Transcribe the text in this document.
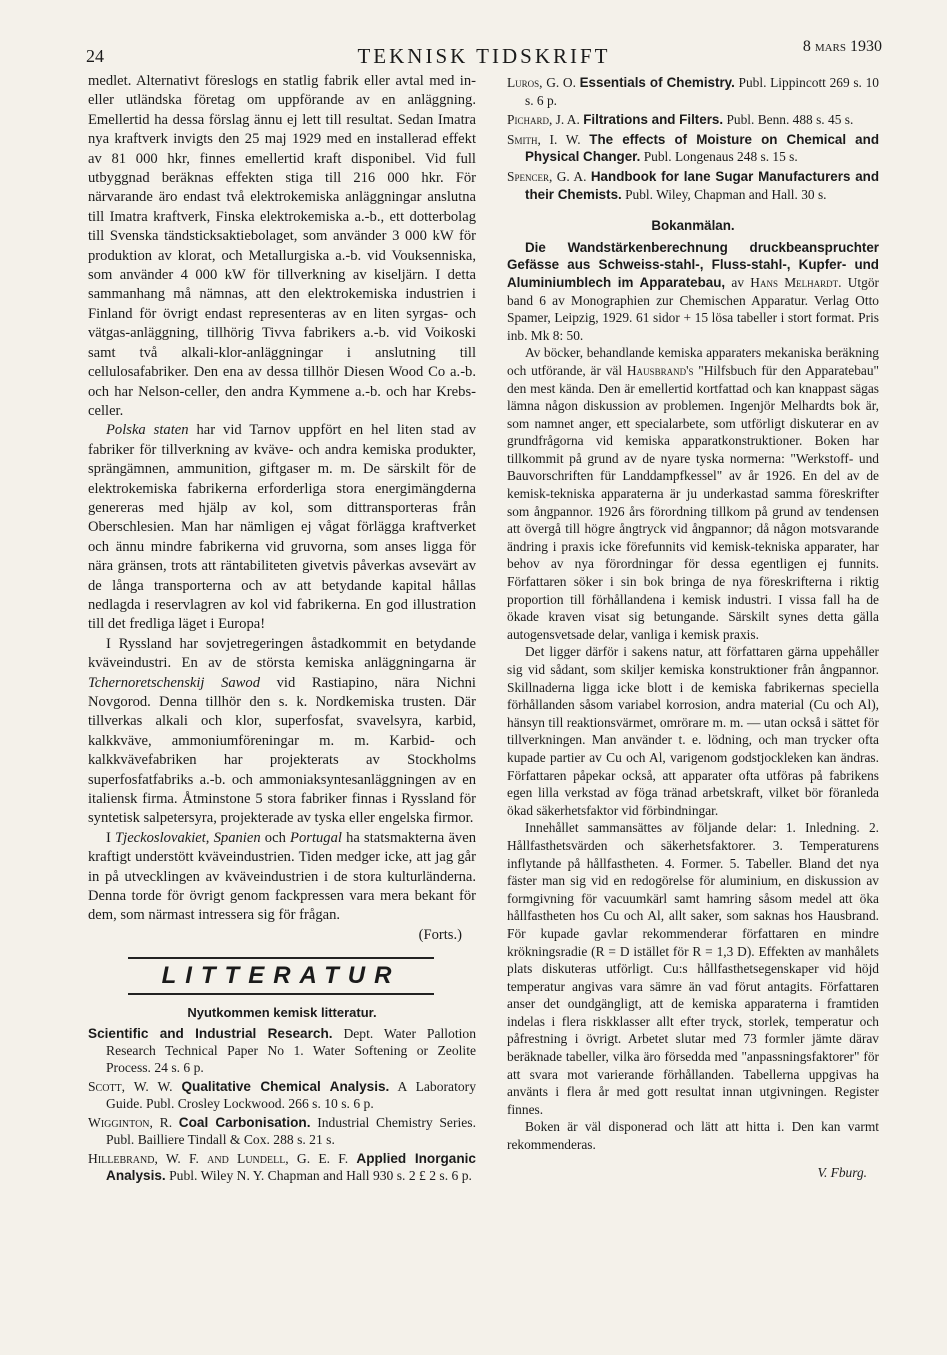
24	TEKNISK TIDSKRIFT	8 mars 1930

medlet. Alternativt föreslogs en statlig fabrik eller avtal med in- eller utländska företag om uppförande av en anläggning. Emellertid ha dessa förslag ännu ej lett till resultat. Sedan Imatra nya kraftverk invigts den 25 maj 1929 med en installerad effekt av 81 000 hkr, finnes emellertid kraft disponibel. Vid full utbyggnad beräknas effekten stiga till 216 000 hkr. För närvarande äro endast två elektrokemiska anläggningar anslutna till Imatra kraftverk, Finska elektrokemiska a.-b., ett dotterbolag till Svenska tändsticksaktiebolaget, som använder 3 000 kW för produktion av klorat, och Metallurgiska a.-b. vid Vouksenniska, som använder 4 000 kW för tillverkning av kiseljärn. I detta sammanhang må nämnas, att den elektrokemiska industrien i Finland för övrigt endast representeras av en liten syrgas- och vätgas-anläggning, tillhörig Tivva fabrikers a.-b. vid Voikoski samt två alkali-klor-anläggningar i anslutning till cellulosafabriker. Den ena av dessa tillhör Diesen Wood Co a.-b. och har Nelson-celler, den andra Kymmene a.-b. och har Krebs-celler.

Polska staten har vid Tarnov uppfört en hel liten stad av fabriker för tillverkning av kväve- och andra kemiska produkter, sprängämnen, ammunition, giftgaser m. m. De särskilt för de elektrokemiska fabrikerna erforderliga stora energimängderna genereras med hjälp av kol, som dittransporteras från Oberschlesien. Man har nämligen ej vågat förlägga kraftverket och ännu mindre fabrikerna vid gruvorna, som anses ligga för nära gränsen, trots att räntabiliteten givetvis påverkas avsevärt av de långa transporterna och av att betydande kapital hållas nedlagda i reservlagren av kol vid fabrikerna. En god illustration till det fredliga läget i Europa!

I Ryssland har sovjetregeringen åstadkommit en betydande kväveindustri. En av de största kemiska anläggningarna är Tchernoretschenskij Sawod vid Rastiapino, nära Nichni Novgorod. Denna tillhör den s. k. Nordkemiska trusten. Där tillverkas alkali och klor, superfosfat, svavelsyra, karbid, kalkkväve, ammoniumföreningar m. m. Karbid- och kalkkvävefabriken har projekterats av Stockholms superfosfatfabriks a.-b. och ammoniaksyntesanläggningen av en italiensk firma. Åtminstone 5 stora fabriker finnas i Ryssland för syntetisk salpetersyra, projekterade av tyska eller engelska firmor.

I Tjeckoslovakiet, Spanien och Portugal ha statsmakterna även kraftigt understött kväveindustrien. Tiden medger icke, att jag går in på utvecklingen av kväveindustrien i de stora kulturländerna. Denna torde för övrigt genom fackpressen vara mera bekant för dem, som närmast intressera sig för frågan.

(Forts.)

LITTERATUR
Nyutkommen kemisk litteratur.

Scientific and Industrial Research. Dept. Water Pallotion Research Technical Paper No 1. Water Softening or Zeolite Process. 24 s. 6 p.

Scott, W. W. Qualitative Chemical Analysis. A Laboratory Guide. Publ. Crosley Lockwood. 266 s. 10 s. 6 p.

Wigginton, R. Coal Carbonisation. Industrial Chemistry Series. Publ. Bailliere Tindall & Cox. 288 s. 21 s.

Hillebrand, W. F. and Lundell, G. E. F. Applied Inorganic Analysis. Publ. Wiley N. Y. Chapman and Hall 930 s. 2 £ 2 s. 6 p.

Luros, G. O. Essentials of Chemistry. Publ. Lippincott 269 s. 10 s. 6 p.

Pichard, J. A. Filtrations and Filters. Publ. Benn. 488 s. 45 s.

Smith, I. W. The effects of Moisture on Chemical and Physical Changer. Publ. Longenaus 248 s. 15 s.

Spencer, G. A. Handbook for lane Sugar Manufacturers and their Chemists. Publ. Wiley, Chapman and Hall. 30 s.

Bokanmälan.

Die Wandstärkenberechnung druckbeanspruchter Gefässe aus Schweiss-stahl-, Fluss-stahl-, Kupfer- und Aluminiumblech im Apparatebau, av Hans Melhardt. Utgör band 6 av Monographien zur Chemischen Apparatur. Verlag Otto Spamer, Leipzig, 1929. 61 sidor + 15 lösa tabeller i stort format. Pris inb. Mk 8: 50.

Av böcker, behandlande kemiska apparaters mekaniska beräkning och utförande, är väl Hausbrand's "Hilfsbuch für den Apparatebau" den mest kända. Den är emellertid kortfattad och kan knappast sägas lämna någon diskussion av problemen. Ingenjör Melhardts bok är, som namnet anger, ett specialarbete, som utförligt diskuterar en av grundfrågorna vid kemiska apparatkonstruktioner. Boken har tillkommit på grund av de nyare tyska normerna: "Werkstoff- und Bauvorschriften für Landdampfkessel" av år 1926. En del av de kemisk-tekniska apparaterna är ju underkastad samma föreskrifter som ångpannor. 1926 års förordning tillkom på grund av tendensen att övergå till högre ångtryck vid ångpannor; då någon motsvarande ändring i praxis icke förefunnits vid kemisk-tekniska apparater, har behov av nya förordningar för dessa egentligen ej funnits. Författaren söker i sin bok bringa de nya föreskrifterna i riktig proportion till förhållandena i kemisk industri. I vissa fall ha de ökade kraven visat sig betungande. Särskilt synes detta gälla autogensvetsade delar, vanliga i kemisk praxis.

Det ligger därför i sakens natur, att författaren gärna uppehåller sig vid sådant, som skiljer kemiska konstruktioner från ångpannor. Skillnaderna ligga icke blott i de kemiska fabrikernas speciella förhållanden såsom variabel korrosion, andra material (Cu och Al), hänsyn till reaktionsvärmet, omrörare m. m. — utan också i sättet för tillverkningen. Man använder t. e. lödning, och man trycker ofta kupade partier av Cu och Al, varigenom godstjockleken kan ändras. Författaren påpekar också, att apparater ofta utföras på fabrikens egen lilla verkstad av föga tränad arbetskraft, vilket bör föranleda ökad säkerhetsfaktor vid förbindningar.

Innehållet sammansättes av följande delar: 1. Inledning. 2. Hållfasthetsvärden och säkerhetsfaktorer. 3. Temperaturens inflytande på hållfastheten. 4. Former. 5. Tabeller. Bland det nya fäster man sig vid en redogörelse för aluminium, en diskussion av formgivning för vacuumkärl samt hamring såsom medel att öka hållfastheten hos Cu och Al, allt saker, som saknas hos Hausbrand. För kupade gavlar rekommenderar författaren en mindre krökningsradie (R = D istället för R = 1,3 D). Effekten av manhålets plats diskuteras utförligt. Cu:s hållfasthetsegenskaper vid höjd temperatur angivas vara sämre än vad förut antagits. Författaren anser det oundgängligt, att de kemiska apparaterna i framtiden indelas i flera riskklasser allt efter tryck, storlek, temperatur och påfrestning i övrigt. Arbetet slutar med 73 formler jämte därav beräknade tabeller, vilka äro försedda med "anpassningsfaktorer" för att svara mot varierande förhållanden. Tabellerna uppgivas ha använts i flera år med gott resultat innan utgivningen. Register finnes.

Boken är väl disponerad och lätt att hitta i. Den kan varmt rekommenderas.

V. Fburg.
